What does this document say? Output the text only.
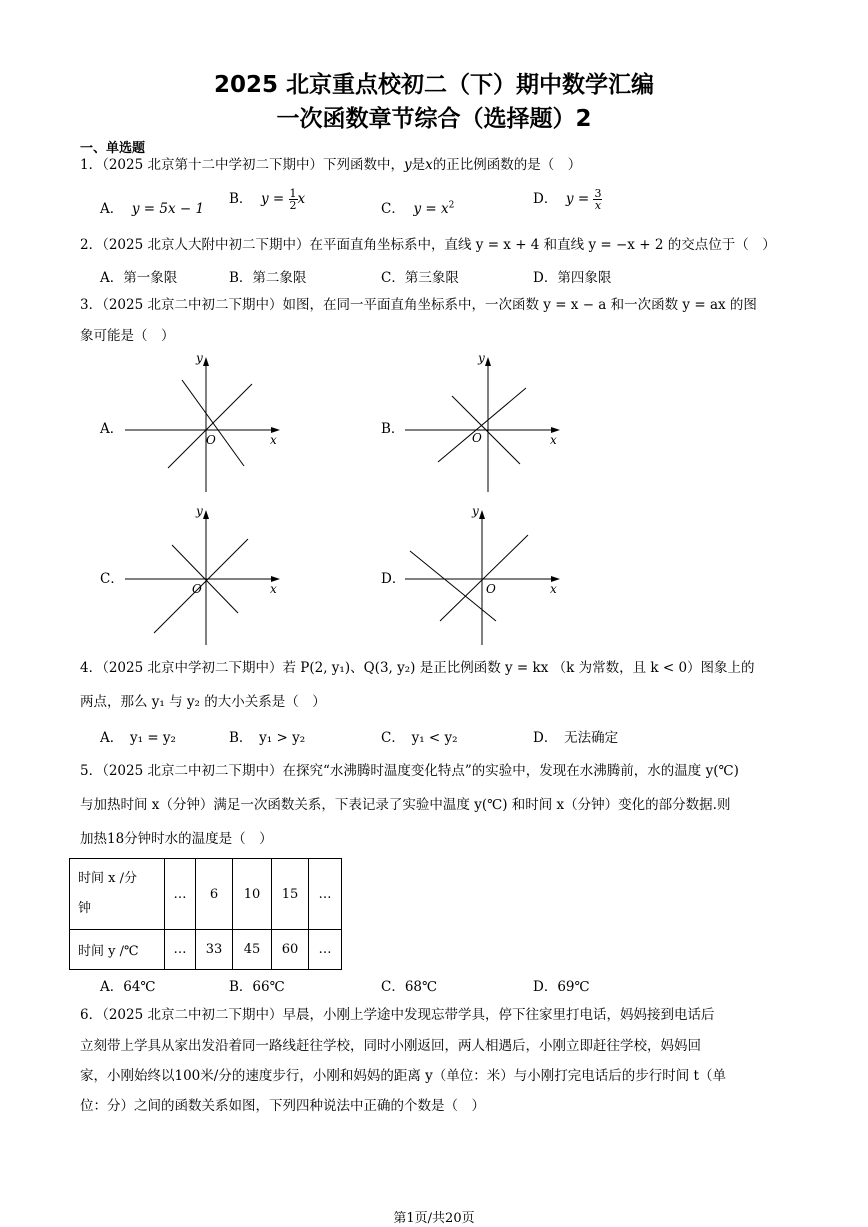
2025 北京重点校初二（下）期中数学汇编
一次函数章节综合（选择题）2
一、单选题
1．（2025 北京第十二中学初二下期中）下列函数中，y是x的正比例函数的是（　）
A． y = 5x − 1
B． $y = \frac{1}{2}$ x
C． $y = x^2$	D． $y = \frac{3}{x}$
2．（2025 北京人大附中初二下期中）在平面直角坐标系中，直线 y = x + 4 和直线 y = −x + 2 的交点位于（　）
A．第一象限	B．第二象限	C．第三象限	D．第四象限
3．（2025 北京二中初二下期中）如图，在同一平面直角坐标系中，一次函数 y = x − a 和一次函数 y = ax 的图
象可能是（　）
A．	B．
C．	D．
y
x
O
y
x
O
y
x
O
y
x
O
4．（2025 北京中学初二下期中）若 P(2, y₁)、Q(3, y₂) 是正比例函数 y = kx （k 为常数，且 k < 0）图象上的
两点，那么 y₁ 与 y₂ 的大小关系是（　）
A．　y₁ = y₂	B．　y₁ > y₂	C．　y₁ < y₂	D．　无法确定
5．（2025 北京二中初二下期中）在探究“水沸腾时温度变化特点”的实验中，发现在水沸腾前，水的温度 y(℃)
与加热时间 x（分钟）满足一次函数关系，下表记录了实验中温度 y(℃) 和时间 x（分钟）变化的部分数据.则
加热18分钟时水的温度是（　）
时间 x /分
钟	…	6	10	15	…
时间 y /℃	…	33	45	60	…
A．64℃	B．66℃	C．68℃	D．69℃
6．（2025 北京二中初二下期中）早晨，小刚上学途中发现忘带学具，停下往家里打电话，妈妈接到电话后
立刻带上学具从家出发沿着同一路线赶往学校，同时小刚返回，两人相遇后，小刚立即赶往学校，妈妈回
家，小刚始终以100米/分的速度步行，小刚和妈妈的距离 y（单位：米）与小刚打完电话后的步行时间 t（单
位：分）之间的函数关系如图，下列四种说法中正确的个数是（　）
第1页/共20页
